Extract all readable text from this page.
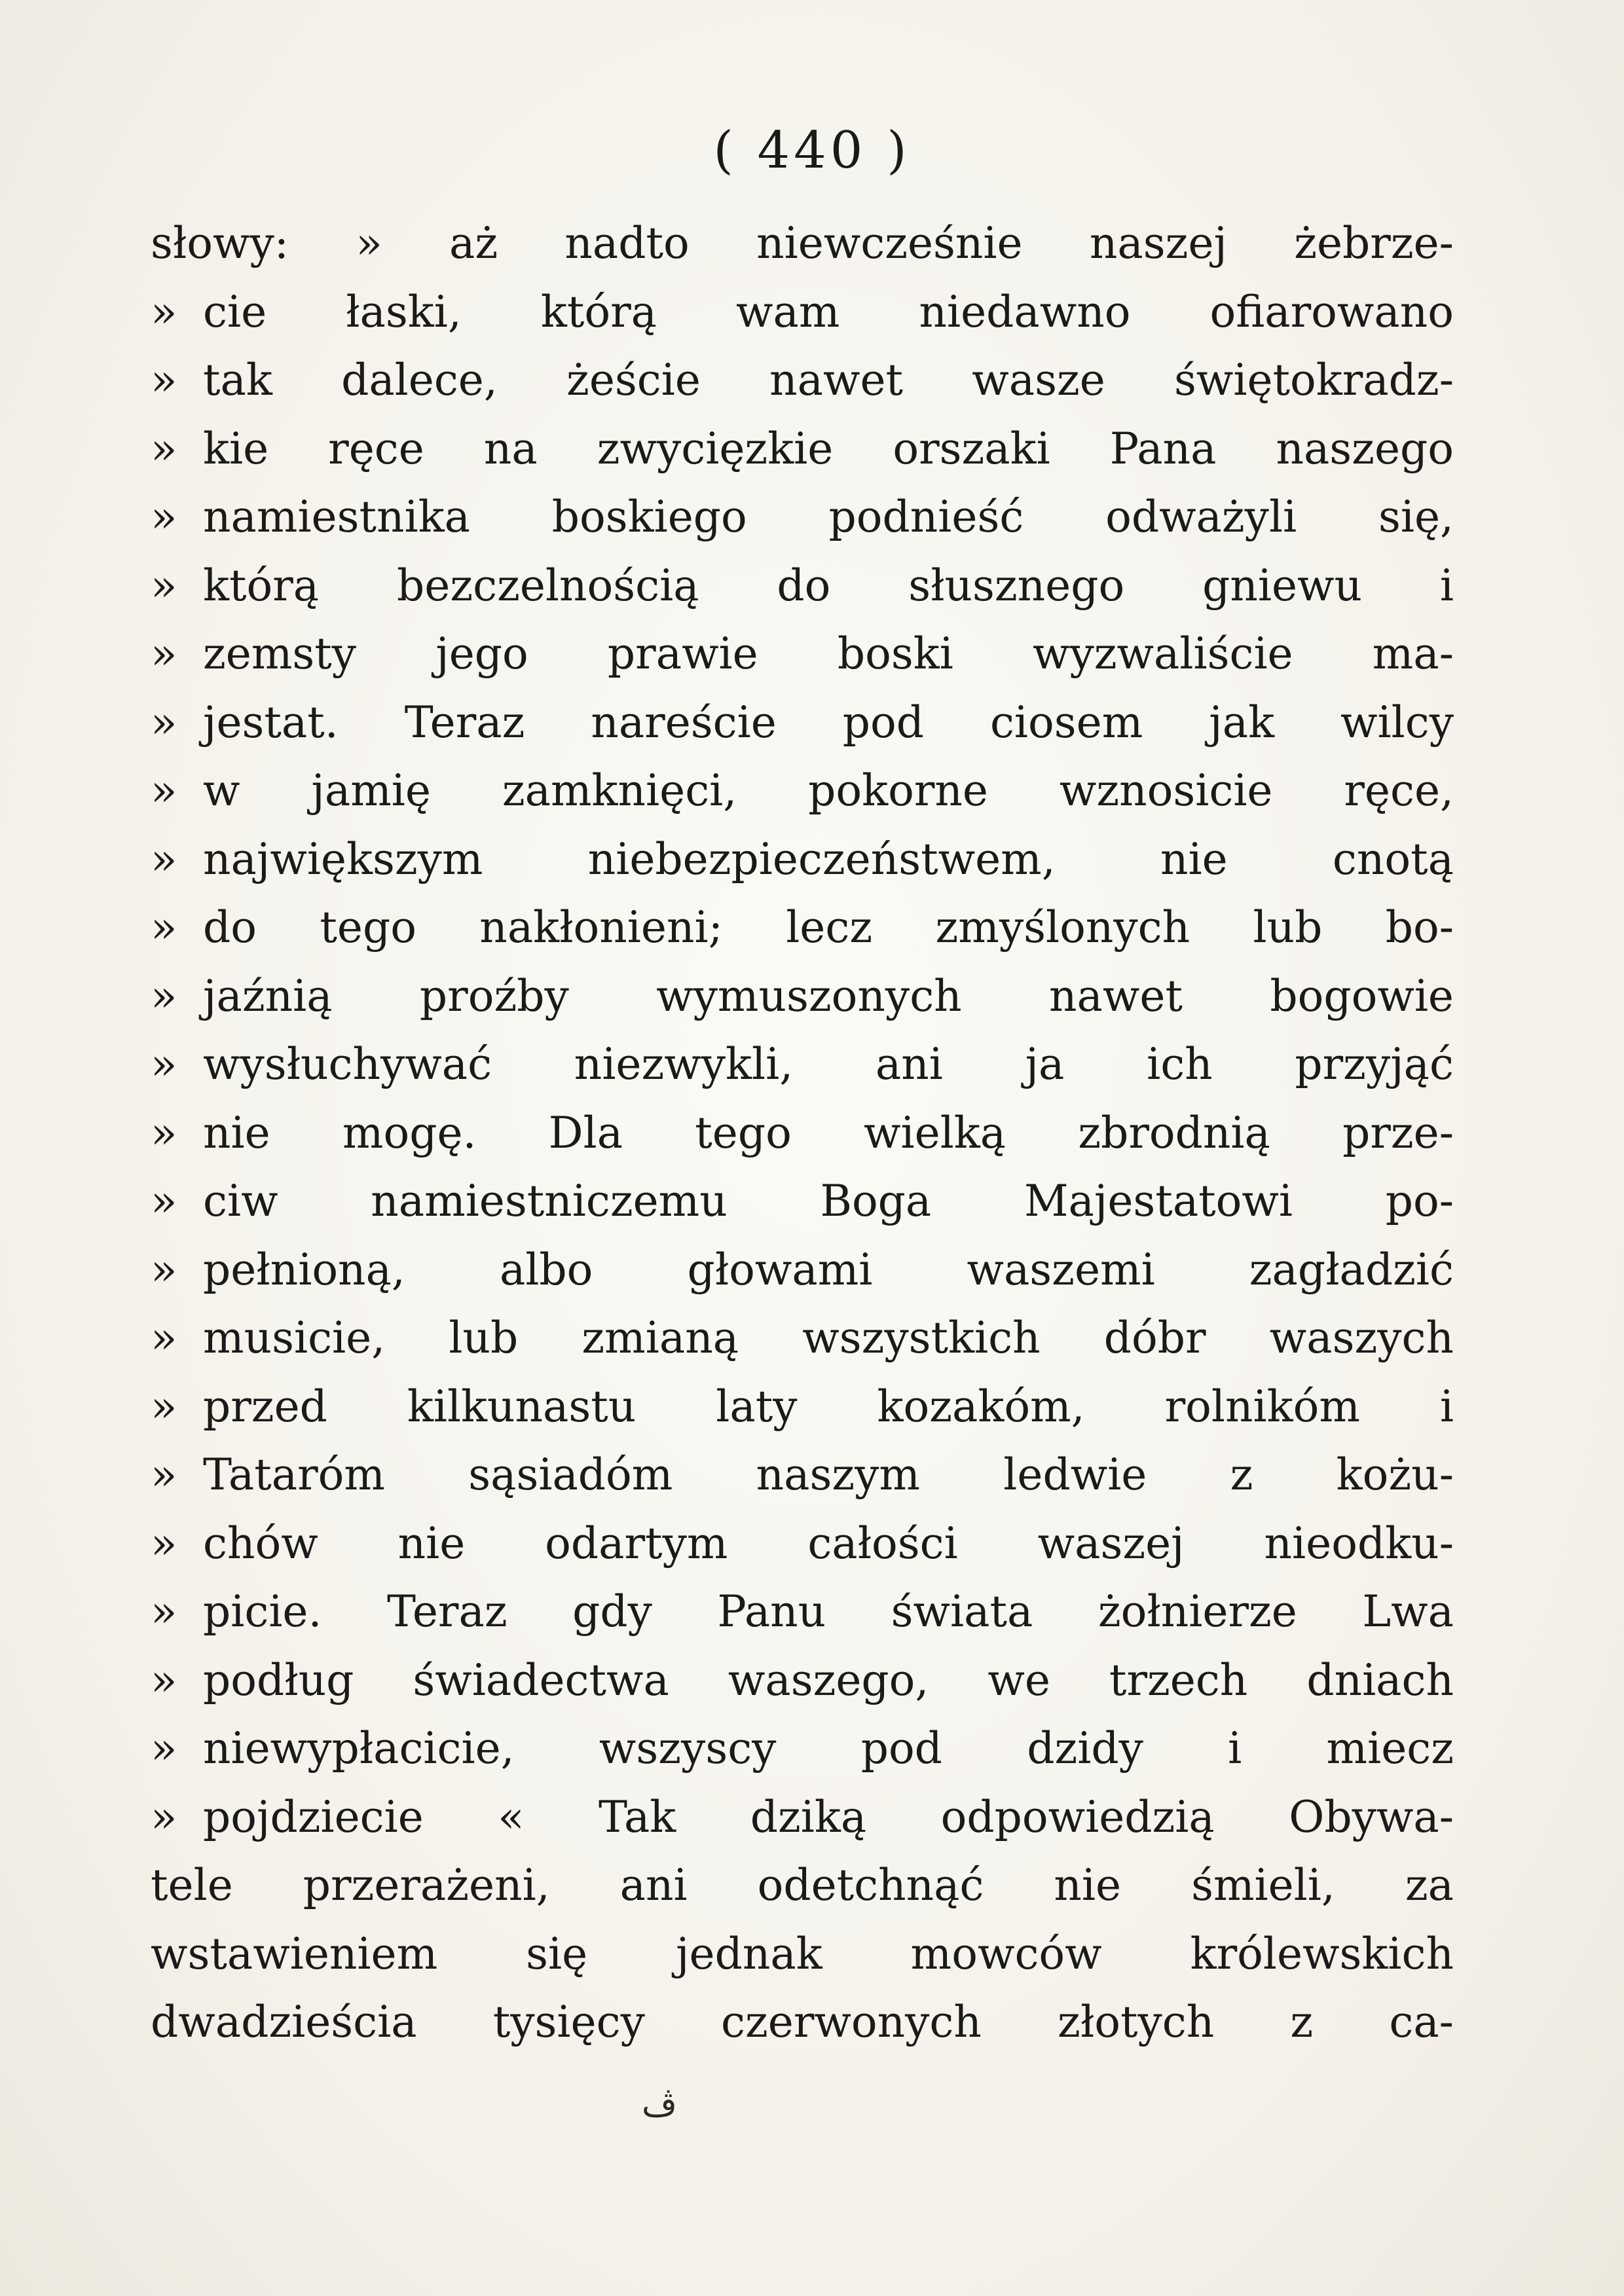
( 440 )
słowy: » aż nadto niewcześnie naszej żebrze-
» cie łaski, którą wam niedawno ofiarowano
» tak dalece, żeście nawet wasze świętokradz-
» kie ręce na zwycięzkie orszaki Pana naszego
» namiestnika boskiego podnieść odważyli się,
» którą bezczelnością do słusznego gniewu i
» zemsty jego prawie boski wyzwaliście ma-
» jestat. Teraz nareście pod ciosem jak wilcy
» w jamię zamknięci, pokorne wznosicie ręce,
» największym niebezpieczeństwem, nie cnotą
» do tego nakłonieni; lecz zmyślonych lub bo-
» jaźnią proźby wymuszonych nawet bogowie
» wysłuchywać niezwykli, ani ja ich przyjąć
» nie mogę. Dla tego wielką zbrodnią prze-
» ciw namiestniczemu Boga Majestatowi po-
» pełnioną, albo głowami waszemi zagładzić
» musicie, lub zmianą wszystkich dóbr waszych
» przed kilkunastu laty kozakóm, rolnikóm i
» Tataróm sąsiadóm naszym ledwie z kożu-
» chów nie odartym całości waszej nieodku-
» picie. Teraz gdy Panu świata żołnierze Lwa
» podług świadectwa waszego, we trzech dniach
» niewypłacicie, wszyscy pod dzidy i miecz
» pojdziecie « Tak dziką odpowiedzią Obywa-
tele przerażeni, ani odetchnąć nie śmieli, za
wstawieniem się jednak mowców królewskich
dwadzieścia tysięcy czerwonych złotych z ca-
ڤ
